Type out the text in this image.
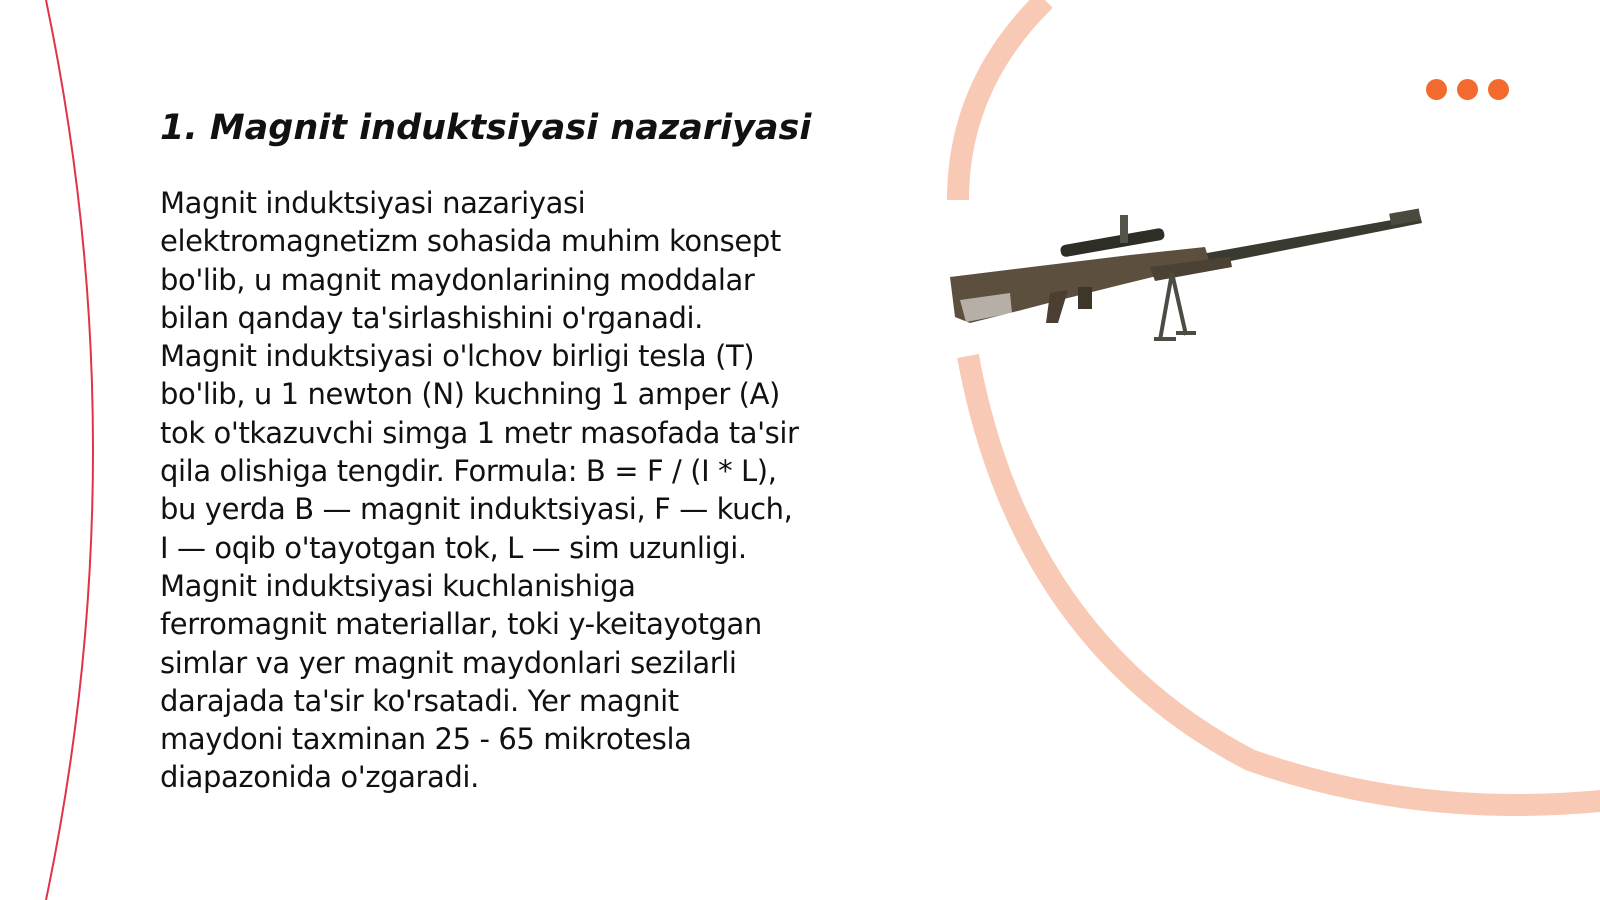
1. Magnit induktsiyasi nazariyasi

Magnit induktsiyasi nazariyasi
elektromagnetizm sohasida muhim konsept
bo'lib, u magnit maydonlarining moddalar
bilan qanday ta'sirlashishini o'rganadi.
Magnit induktsiyasi o'lchov birligi tesla (T)
bo'lib, u 1 newton (N) kuchning 1 amper (A)
tok o'tkazuvchi simga 1 metr masofada ta'sir
qila olishiga tengdir. Formula: B = F / (I * L),
bu yerda B — magnit induktsiyasi, F — kuch,
I — oqib o'tayotgan tok, L — sim uzunligi.
Magnit induktsiyasi kuchlanishiga
ferromagnit materiallar, toki y-keitayotgan
simlar va yer magnit maydonlari sezilarli
darajada ta'sir ko'rsatadi. Yer magnit
maydoni taxminan 25 - 65 mikrotesla
diapazonida o'zgaradi.
